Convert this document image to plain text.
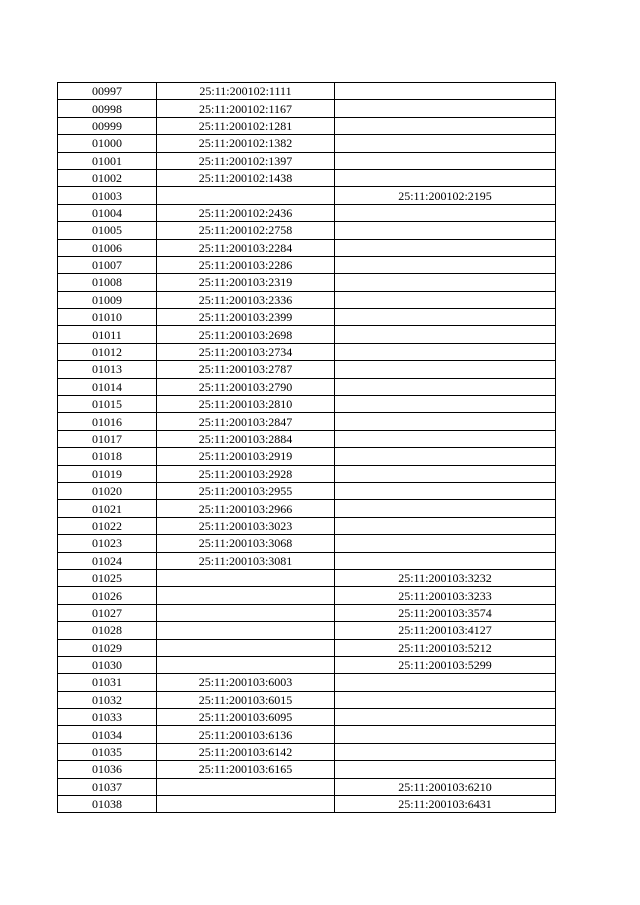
00997	25:11:200102:1111	
00998	25:11:200102:1167	
00999	25:11:200102:1281	
01000	25:11:200102:1382	
01001	25:11:200102:1397	
01002	25:11:200102:1438	
01003		25:11:200102:2195
01004	25:11:200102:2436	
01005	25:11:200102:2758	
01006	25:11:200103:2284	
01007	25:11:200103:2286	
01008	25:11:200103:2319	
01009	25:11:200103:2336	
01010	25:11:200103:2399	
01011	25:11:200103:2698	
01012	25:11:200103:2734	
01013	25:11:200103:2787	
01014	25:11:200103:2790	
01015	25:11:200103:2810	
01016	25:11:200103:2847	
01017	25:11:200103:2884	
01018	25:11:200103:2919	
01019	25:11:200103:2928	
01020	25:11:200103:2955	
01021	25:11:200103:2966	
01022	25:11:200103:3023	
01023	25:11:200103:3068	
01024	25:11:200103:3081	
01025		25:11:200103:3232
01026		25:11:200103:3233
01027		25:11:200103:3574
01028		25:11:200103:4127
01029		25:11:200103:5212
01030		25:11:200103:5299
01031	25:11:200103:6003	
01032	25:11:200103:6015	
01033	25:11:200103:6095	
01034	25:11:200103:6136	
01035	25:11:200103:6142	
01036	25:11:200103:6165	
01037		25:11:200103:6210
01038		25:11:200103:6431
